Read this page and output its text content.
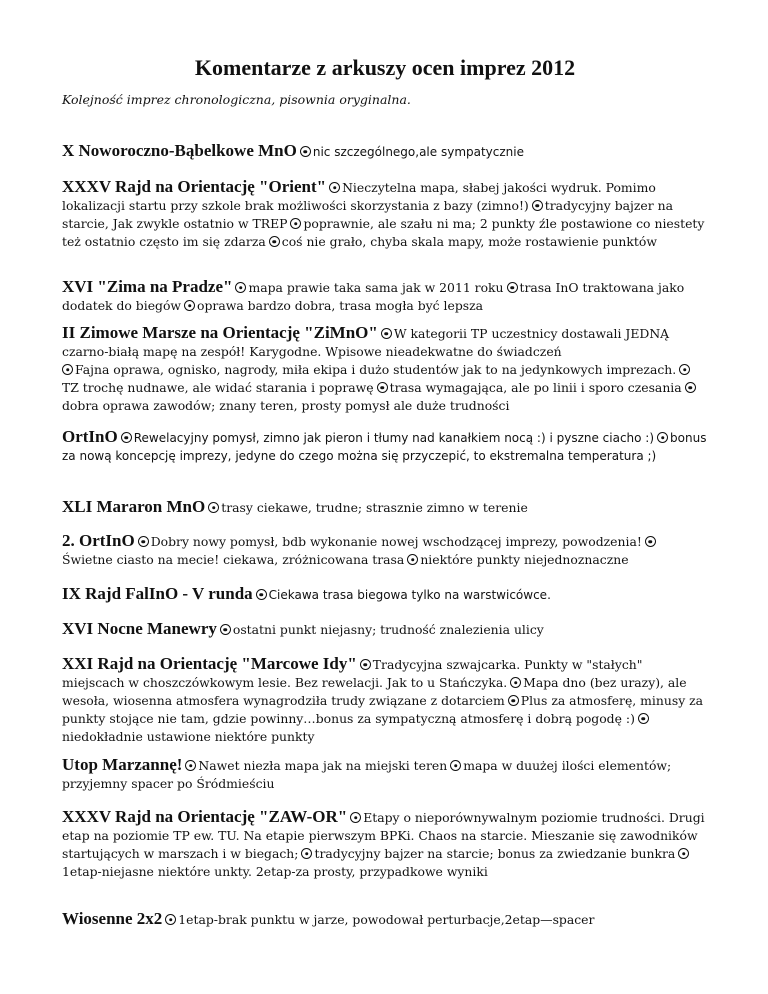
Komentarze z arkuszy ocen imprez 2012
Kolejność imprez chronologiczna, pisownia oryginalna.
X Noworoczno-Bąbelkowe MnO nic szczególnego,ale sympatycznie
XXXV Rajd na Orientację "Orient" Nieczytelna mapa, słabej jakości wydruk. Pomimo lokalizacji startu przy szkole brak możliwości skorzystania z bazy (zimno!) tradycyjny bajzer na starcie, Jak zwykle ostatnio w TREP poprawnie, ale szału ni ma; 2 punkty źle postawione co niestety też ostatnio często im się zdarza coś nie grało, chyba skala mapy, może rostawienie punktów
XVI "Zima na Pradze" mapa prawie taka sama jak w 2011 roku trasa InO traktowana jako dodatek do biegów oprawa bardzo dobra, trasa mogła być lepsza
II Zimowe Marsze na Orientację "ZiMnO" W kategorii TP uczestnicy dostawali JEDNĄ czarno-białą mapę na zespół! Karygodne. Wpisowe nieadekwatne do świadczeń
Fajna oprawa, ognisko, nagrody, miła ekipa i dużo studentów jak to na jedynkowych imprezach.TZ trochę nudnawe, ale widać starania i poprawę trasa wymagająca, ale po linii i sporo czesaniadobra oprawa zawodów; znany teren, prosty pomysł ale duże trudności
OrtInO Rewelacyjny pomysł, zimno jak pieron i tłumy nad kanałkiem nocą :) i pyszne ciacho :) bonus za nową koncepcję imprezy, jedyne do czego można się przyczepić, to ekstremalna temperatura ;)
XLI Mararon MnO trasy ciekawe, trudne; strasznie zimno w terenie
2. OrtInO Dobry nowy pomysł, bdb wykonanie nowej wschodzącej imprezy, powodzenia!Świetne ciasto na mecie! ciekawa, zróżnicowana trasa niektóre punkty niejednoznaczne
IX Rajd FalInO - V runda Ciekawa trasa biegowa tylko na warstwicówce.
XVI Nocne Manewry ostatni punkt niejasny; trudność znalezienia ulicy
XXI Rajd na Orientację "Marcowe Idy" Tradycyjna szwajcarka. Punkty w "stałych" miejscach w choszczówkowym lesie. Bez rewelacji. Jak to u Stańczyka. Mapa dno (bez urazy), ale wesoła, wiosenna atmosfera wynagrodziła trudy związane z dotarciem Plus za atmosferę, minusy za punkty stojące nie tam, gdzie powinny…bonus za sympatyczną atmosferę i dobrą pogodę :)niedokładnie ustawione niektóre punkty
Utop Marzannę! Nawet niezła mapa jak na miejski teren mapa w duużej ilości elementów; przyjemny spacer po Śródmieściu
XXXV Rajd na Orientację "ZAW-OR" Etapy o nieporównywalnym poziomie trudności. Drugi etap na poziomie TP ew. TU. Na etapie pierwszym BPKi. Chaos na starcie. Mieszanie się zawodników startujących w marszach i w biegach; tradycyjny bajzer na starcie; bonus za zwiedzanie bunkra1etap-niejasne niektóre unkty. 2etap-za prosty, przypadkowe wyniki
Wiosenne 2x2 1etap-brak punktu w jarze, powodował perturbacje,2etap—spacer
